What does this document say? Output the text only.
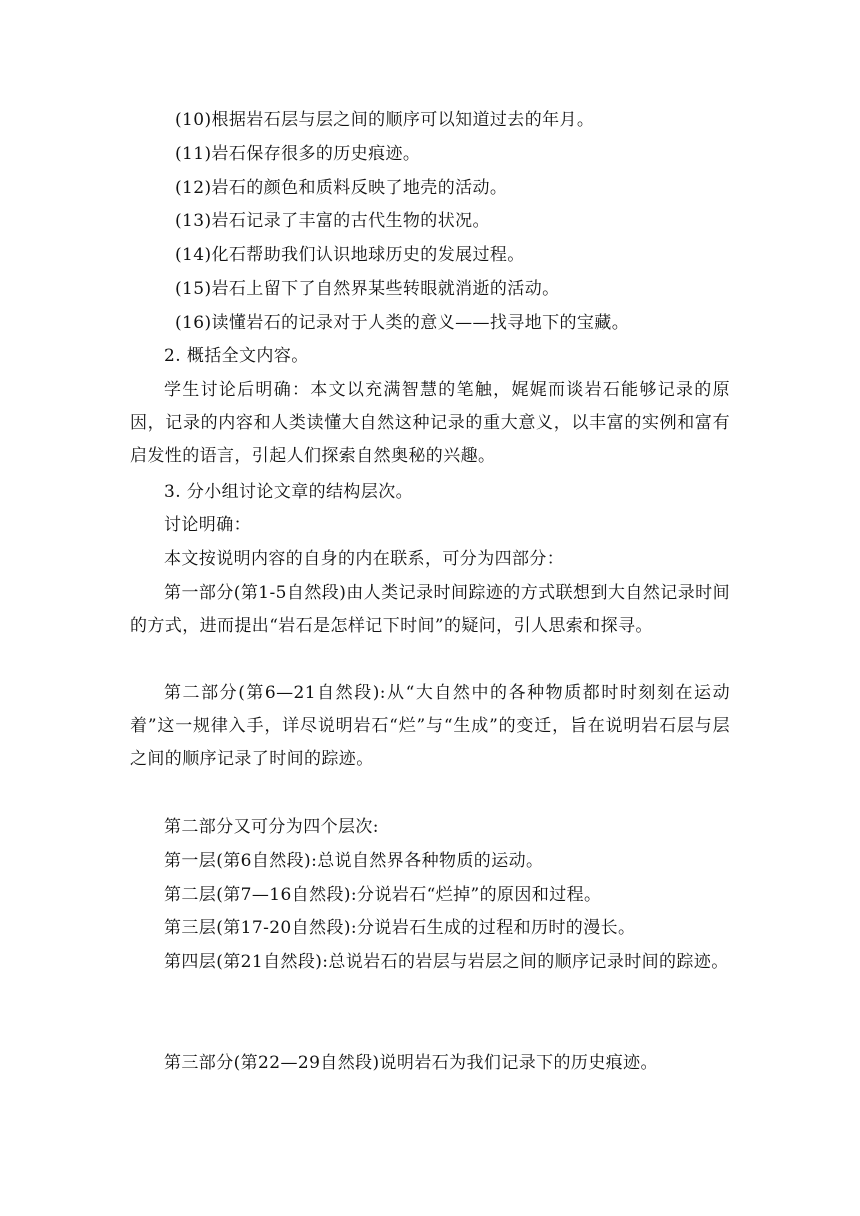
(10)根据岩石层与层之间的顺序可以知道过去的年月。

(11)岩石保存很多的历史痕迹。

(12)岩石的颜色和质料反映了地壳的活动。

(13)岩石记录了丰富的古代生物的状况。

(14)化石帮助我们认识地球历史的发展过程。

(15)岩石上留下了自然界某些转眼就消逝的活动。

(16)读懂岩石的记录对于人类的意义——找寻地下的宝藏。

2. 概括全文内容。

学生讨论后明确：本文以充满智慧的笔触，娓娓而谈岩石能够记录的原因，记录的内容和人类读懂大自然这种记录的重大意义，以丰富的实例和富有启发性的语言，引起人们探索自然奥秘的兴趣。

3. 分小组讨论文章的结构层次。

讨论明确：

本文按说明内容的自身的内在联系，可分为四部分：

第一部分(第1-5自然段)由人类记录时间踪迹的方式联想到大自然记录时间的方式，进而提出“岩石是怎样记下时间”的疑问，引人思索和探寻。

第二部分(第6—21自然段):从“大自然中的各种物质都时时刻刻在运动着”这一规律入手，详尽说明岩石“烂”与“生成”的变迁，旨在说明岩石层与层之间的顺序记录了时间的踪迹。

第二部分又可分为四个层次:

第一层(第6自然段):总说自然界各种物质的运动。

第二层(第7—16自然段):分说岩石“烂掉”的原因和过程。

第三层(第17-20自然段):分说岩石生成的过程和历时的漫长。

第四层(第21自然段):总说岩石的岩层与岩层之间的顺序记录时间的踪迹。

第三部分(第22—29自然段)说明岩石为我们记录下的历史痕迹。
